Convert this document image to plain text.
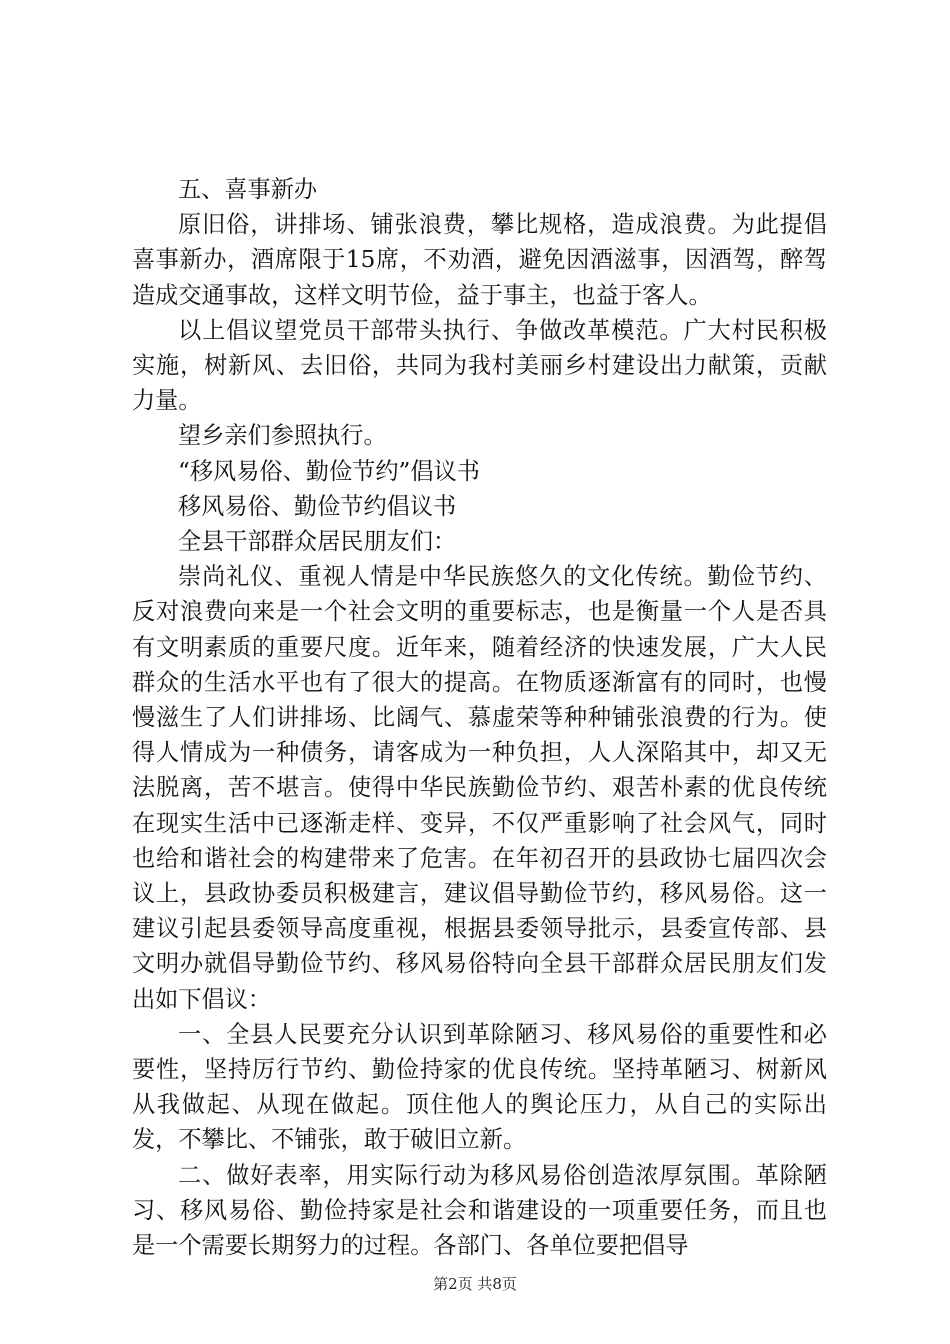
五、喜事新办

原旧俗，讲排场、铺张浪费，攀比规格，造成浪费。为此提倡喜事新办，酒席限于15席，不劝酒，避免因酒滋事，因酒驾，醉驾造成交通事故，这样文明节俭，益于事主，也益于客人。

以上倡议望党员干部带头执行、争做改革模范。广大村民积极实施，树新风、去旧俗，共同为我村美丽乡村建设出力献策，贡献力量。

望乡亲们参照执行。

“移风易俗、勤俭节约”倡议书

移风易俗、勤俭节约倡议书

全县干部群众居民朋友们：

崇尚礼仪、重视人情是中华民族悠久的文化传统。勤俭节约、反对浪费向来是一个社会文明的重要标志，也是衡量一个人是否具有文明素质的重要尺度。近年来，随着经济的快速发展，广大人民群众的生活水平也有了很大的提高。在物质逐渐富有的同时，也慢慢滋生了人们讲排场、比阔气、慕虚荣等种种铺张浪费的行为。使得人情成为一种债务，请客成为一种负担，人人深陷其中，却又无法脱离，苦不堪言。使得中华民族勤俭节约、艰苦朴素的优良传统在现实生活中已逐渐走样、变异，不仅严重影响了社会风气，同时也给和谐社会的构建带来了危害。在年初召开的县政协七届四次会议上，县政协委员积极建言，建议倡导勤俭节约，移风易俗。这一建议引起县委领导高度重视，根据县委领导批示，县委宣传部、县文明办就倡导勤俭节约、移风易俗特向全县干部群众居民朋友们发出如下倡议：

一、全县人民要充分认识到革除陋习、移风易俗的重要性和必要性，坚持厉行节约、勤俭持家的优良传统。坚持革陋习、树新风从我做起、从现在做起。顶住他人的舆论压力，从自己的实际出发，不攀比、不铺张，敢于破旧立新。

二、做好表率，用实际行动为移风易俗创造浓厚氛围。革除陋习、移风易俗、勤俭持家是社会和谐建设的一项重要任务，而且也是一个需要长期努力的过程。各部门、各单位要把倡导

第2页 共8页
